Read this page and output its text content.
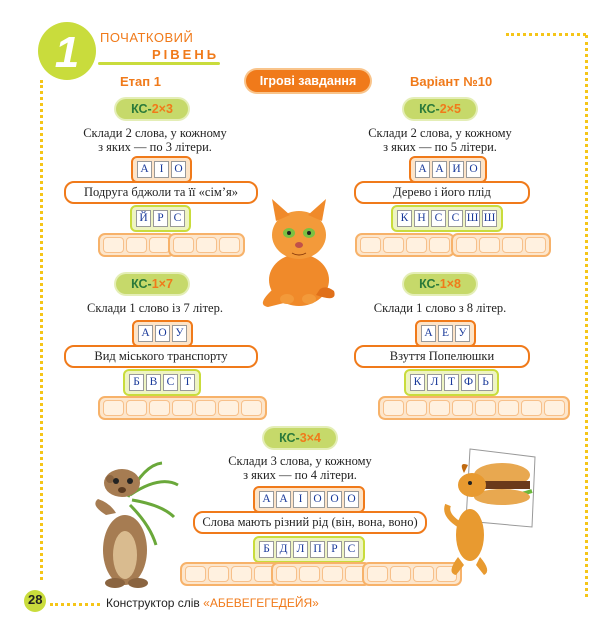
1	ПОЧАТКОВИЙ
РІВЕНЬ
Етап 1	Ігрові завдання	Варіант №10
КС-2×3
Склади 2 слова, у кожному
з яких — по 3 літери.
А І О
Подруга бджоли та її «сім’я»
Й Р С
КС-2×5
Склади 2 слова, у кожному
з яких — по 5 літери.
А А И О
Дерево і його плід
К Н С С Ш Ш
КС-1×7
Склади 1 слово із 7 літер.
А О У
Вид міського транспорту
Б В С Т
КС-1×8
Склади 1 слово з 8 літер.
А Е У
Взуття Попелюшки
К Л Т Ф Ь
КС-3×4
Склади 3 слова, у кожному
з яких — по 4 літери.
А А І О О О
Слова мають різний рід (він, вона, воно)
Б Д Л П Р С
28	Конструктор слів «АБЕВЕГЕГЕДЕЙЯ»
